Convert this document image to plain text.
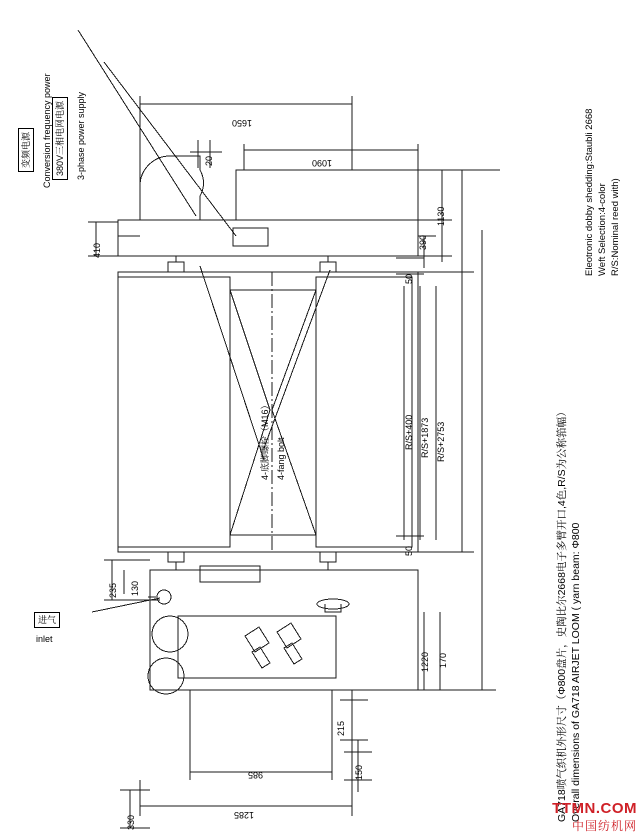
变频电源	Conversion frequency power 380V三相电网电源	3-phase power supply
4-底脚螺栓（M16） 4-fang bolt
进气
inlet
1650
1090
20
410
235 130
330
1130
390
50
R/S+400 R/S+1873 R/S+2753
50
1220 170
215
150
985
1285	GA718喷气织机外形尺寸（Φ800盘片，史陶比尔2668电子多臂开口,4色,R/S为公称筘幅） Overall dimensions of GA718 AIRJET LOOM ( yarn beam: Φ800
Eleotronic dobby shedding:Staubli 2668 Weft Selection:4-color R/S:Nominal reed with)
TTMN.COM
中国纺机网
